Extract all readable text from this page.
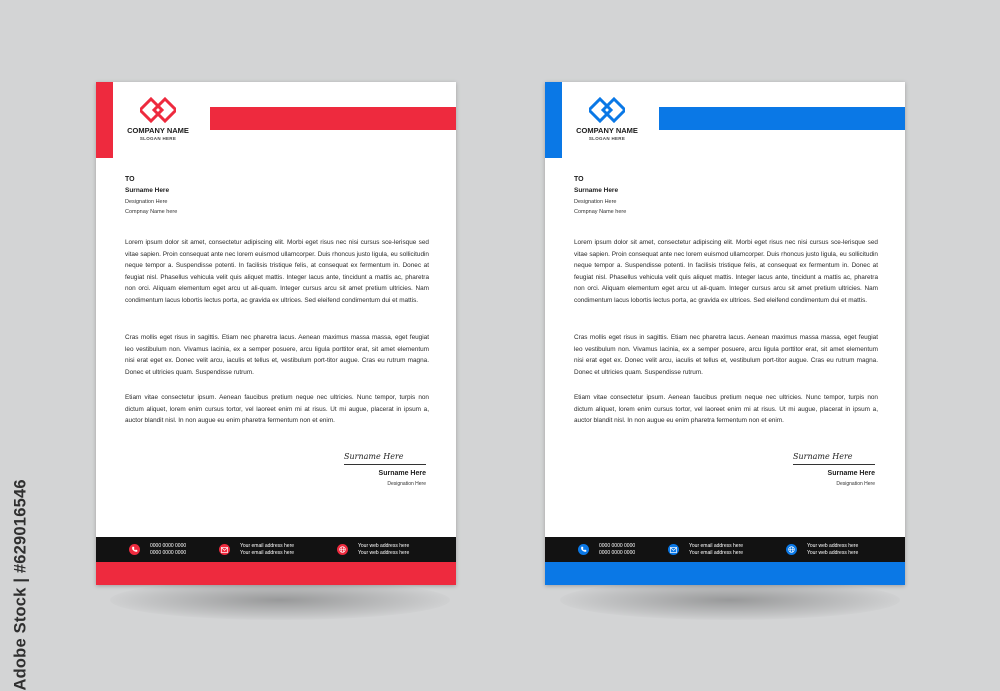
Adobe Stock | #629016546
COMPANY NAME
SLOGAN HERE
TO
Surname Here
Designation Here
Compnay Name here
Lorem ipsum dolor sit amet, consectetur adipiscing elit. Morbi eget risus nec nisi cursus sce-lerisque sed vitae sapien. Proin consequat ante nec lorem euismod ullamcorper. Duis rhoncus justo ligula, eu sollicitudin neque tempor a. Suspendisse potenti. In facilisis tristique felis, at consequat ex fermentum in. Donec at feugiat nisl. Phasellus vehicula velit quis aliquet mattis. Integer lacus ante, tincidunt a mattis ac, pharetra non orci. Aliquam elementum eget arcu ut ali-quam. Integer cursus arcu sit amet pretium ultricies. Nam condimentum lacus lobortis lectus porta, ac gravida ex ultrices. Sed eleifend condimentum dui et mattis.
Cras mollis eget risus in sagittis. Etiam nec pharetra lacus. Aenean maximus massa massa, eget feugiat leo vestibulum non. Vivamus lacinia, ex a semper posuere, arcu ligula porttitor erat, sit amet elementum nisi erat eget ex. Donec velit arcu, iaculis et tellus et, vestibulum port-titor augue. Cras eu rutrum magna. Donec et ultricies quam. Suspendisse rutrum.
Etiam vitae consectetur ipsum. Aenean faucibus pretium neque nec ultricies. Nunc tempor, turpis non dictum aliquet, lorem enim cursus tortor, vel laoreet enim mi at risus. Ut mi augue, placerat in ipsum a, auctor blandit nisl. In non augue eu enim pharetra fermentum non et enim.
Surname Here
Surname Here
Designation Here
0000 0000 0000
0000 0000 0000
Your email address here
Your email address here
Your web address here
Your web address here
COMPANY NAME
SLOGAN HERE
TO
Surname Here
Designation Here
Compnay Name here
Lorem ipsum dolor sit amet, consectetur adipiscing elit. Morbi eget risus nec nisi cursus sce-lerisque sed vitae sapien. Proin consequat ante nec lorem euismod ullamcorper. Duis rhoncus justo ligula, eu sollicitudin neque tempor a. Suspendisse potenti. In facilisis tristique felis, at consequat ex fermentum in. Donec at feugiat nisl. Phasellus vehicula velit quis aliquet mattis. Integer lacus ante, tincidunt a mattis ac, pharetra non orci. Aliquam elementum eget arcu ut ali-quam. Integer cursus arcu sit amet pretium ultricies. Nam condimentum lacus lobortis lectus porta, ac gravida ex ultrices. Sed eleifend condimentum dui et mattis.
Cras mollis eget risus in sagittis. Etiam nec pharetra lacus. Aenean maximus massa massa, eget feugiat leo vestibulum non. Vivamus lacinia, ex a semper posuere, arcu ligula porttitor erat, sit amet elementum nisi erat eget ex. Donec velit arcu, iaculis et tellus et, vestibulum port-titor augue. Cras eu rutrum magna. Donec et ultricies quam. Suspendisse rutrum.
Etiam vitae consectetur ipsum. Aenean faucibus pretium neque nec ultricies. Nunc tempor, turpis non dictum aliquet, lorem enim cursus tortor, vel laoreet enim mi at risus. Ut mi augue, placerat in ipsum a, auctor blandit nisl. In non augue eu enim pharetra fermentum non et enim.
Surname Here
Surname Here
Designation Here
0000 0000 0000
0000 0000 0000
Your email address here
Your email address here
Your web address here
Your web address here
